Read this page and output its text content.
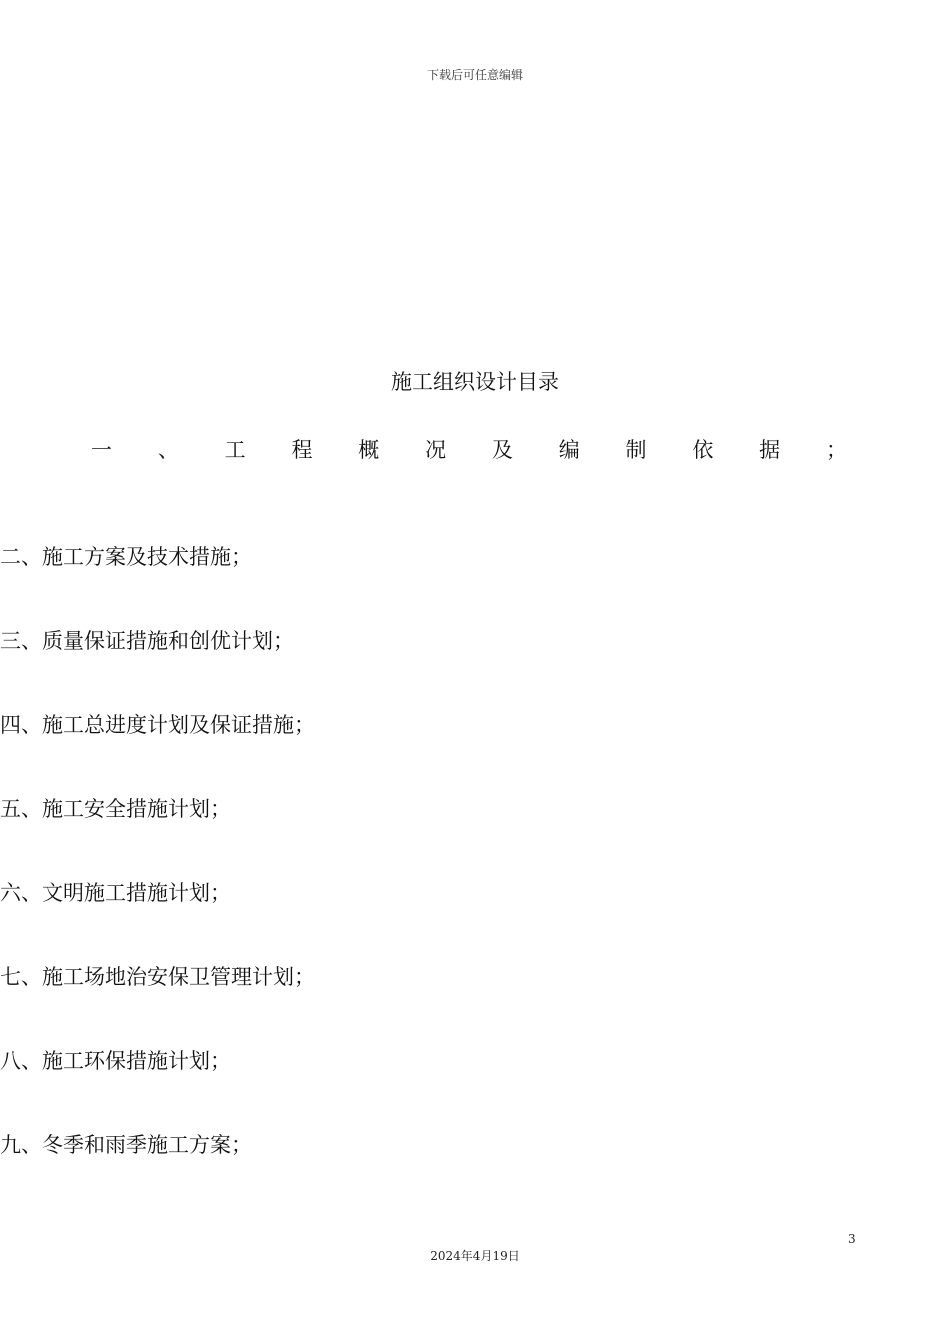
下载后可任意编辑
施工组织设计目录
一 、 工 程 概 况 及 编 制 依 据 ；
二、施工方案及技术措施；
三、质量保证措施和创优计划；
四、施工总进度计划及保证措施；
五、施工安全措施计划；
六、文明施工措施计划；
七、施工场地治安保卫管理计划；
八、施工环保措施计划；
九、冬季和雨季施工方案；
3
2024年4月19日
